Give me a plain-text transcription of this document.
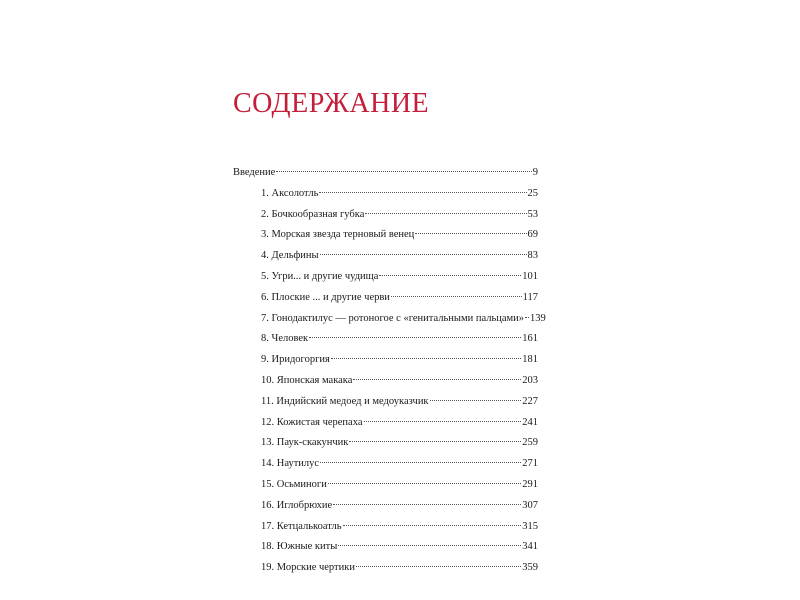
СОДЕРЖАНИЕ
Введение	9
1. Аксолотль	25
2. Бочкообразная губка	53
3. Морская звезда терновый венец	69
4. Дельфины	83
5. Угри... и другие чудища	101
6. Плоские ... и другие черви	117
7. Гонодактилус — ротоногое с «генитальными пальцами» 139
8. Человек	161
9. Иридогоргия	181
10. Японская макака	203
11. Индийский медоед и медоуказчик	227
12. Кожистая черепаха	241
13. Паук-скакунчик	259
14. Наутилус	271
15. Осьминоги	291
16. Иглобрюхие	307
17. Кетцалькоатль	315
18. Южные киты	341
19. Морские чертики	359
